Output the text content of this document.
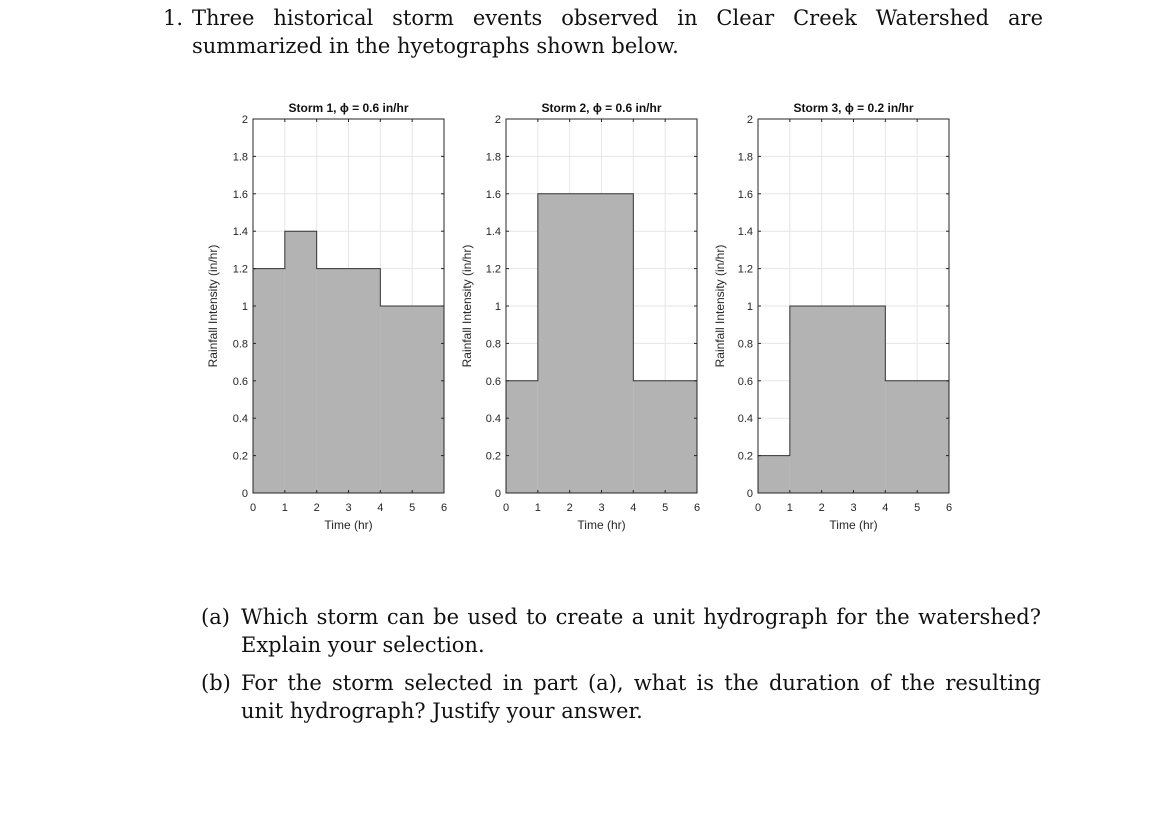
1. Three historical storm events observed in Clear Creek Watershed are summarized in the hyetographs shown below.
0 1 2 3 4 5 6
0
0.2
0.4
0.6
0.8
1
1.2
1.4
1.6
1.8
2
Storm 1, ϕ = 0.6 in/hr
Time (hr)
Rainfall Intensity (in/hr)
0 1 2 3 4 5 6
0
0.2
0.4
0.6
0.8
1
1.2
1.4
1.6
1.8
2
Storm 2, ϕ = 0.6 in/hr
Time (hr)
Rainfall Intensity (in/hr)
0 1 2 3 4 5 6
0
0.2
0.4
0.6
0.8
1
1.2
1.4
1.6
1.8
2
Storm 3, ϕ = 0.2 in/hr
Time (hr)
Rainfall Intensity (in/hr)
(a) Which storm can be used to create a unit hydrograph for the watershed? Explain your selection.
(b) For the storm selected in part (a), what is the duration of the resulting unit hydrograph? Justify your answer.
